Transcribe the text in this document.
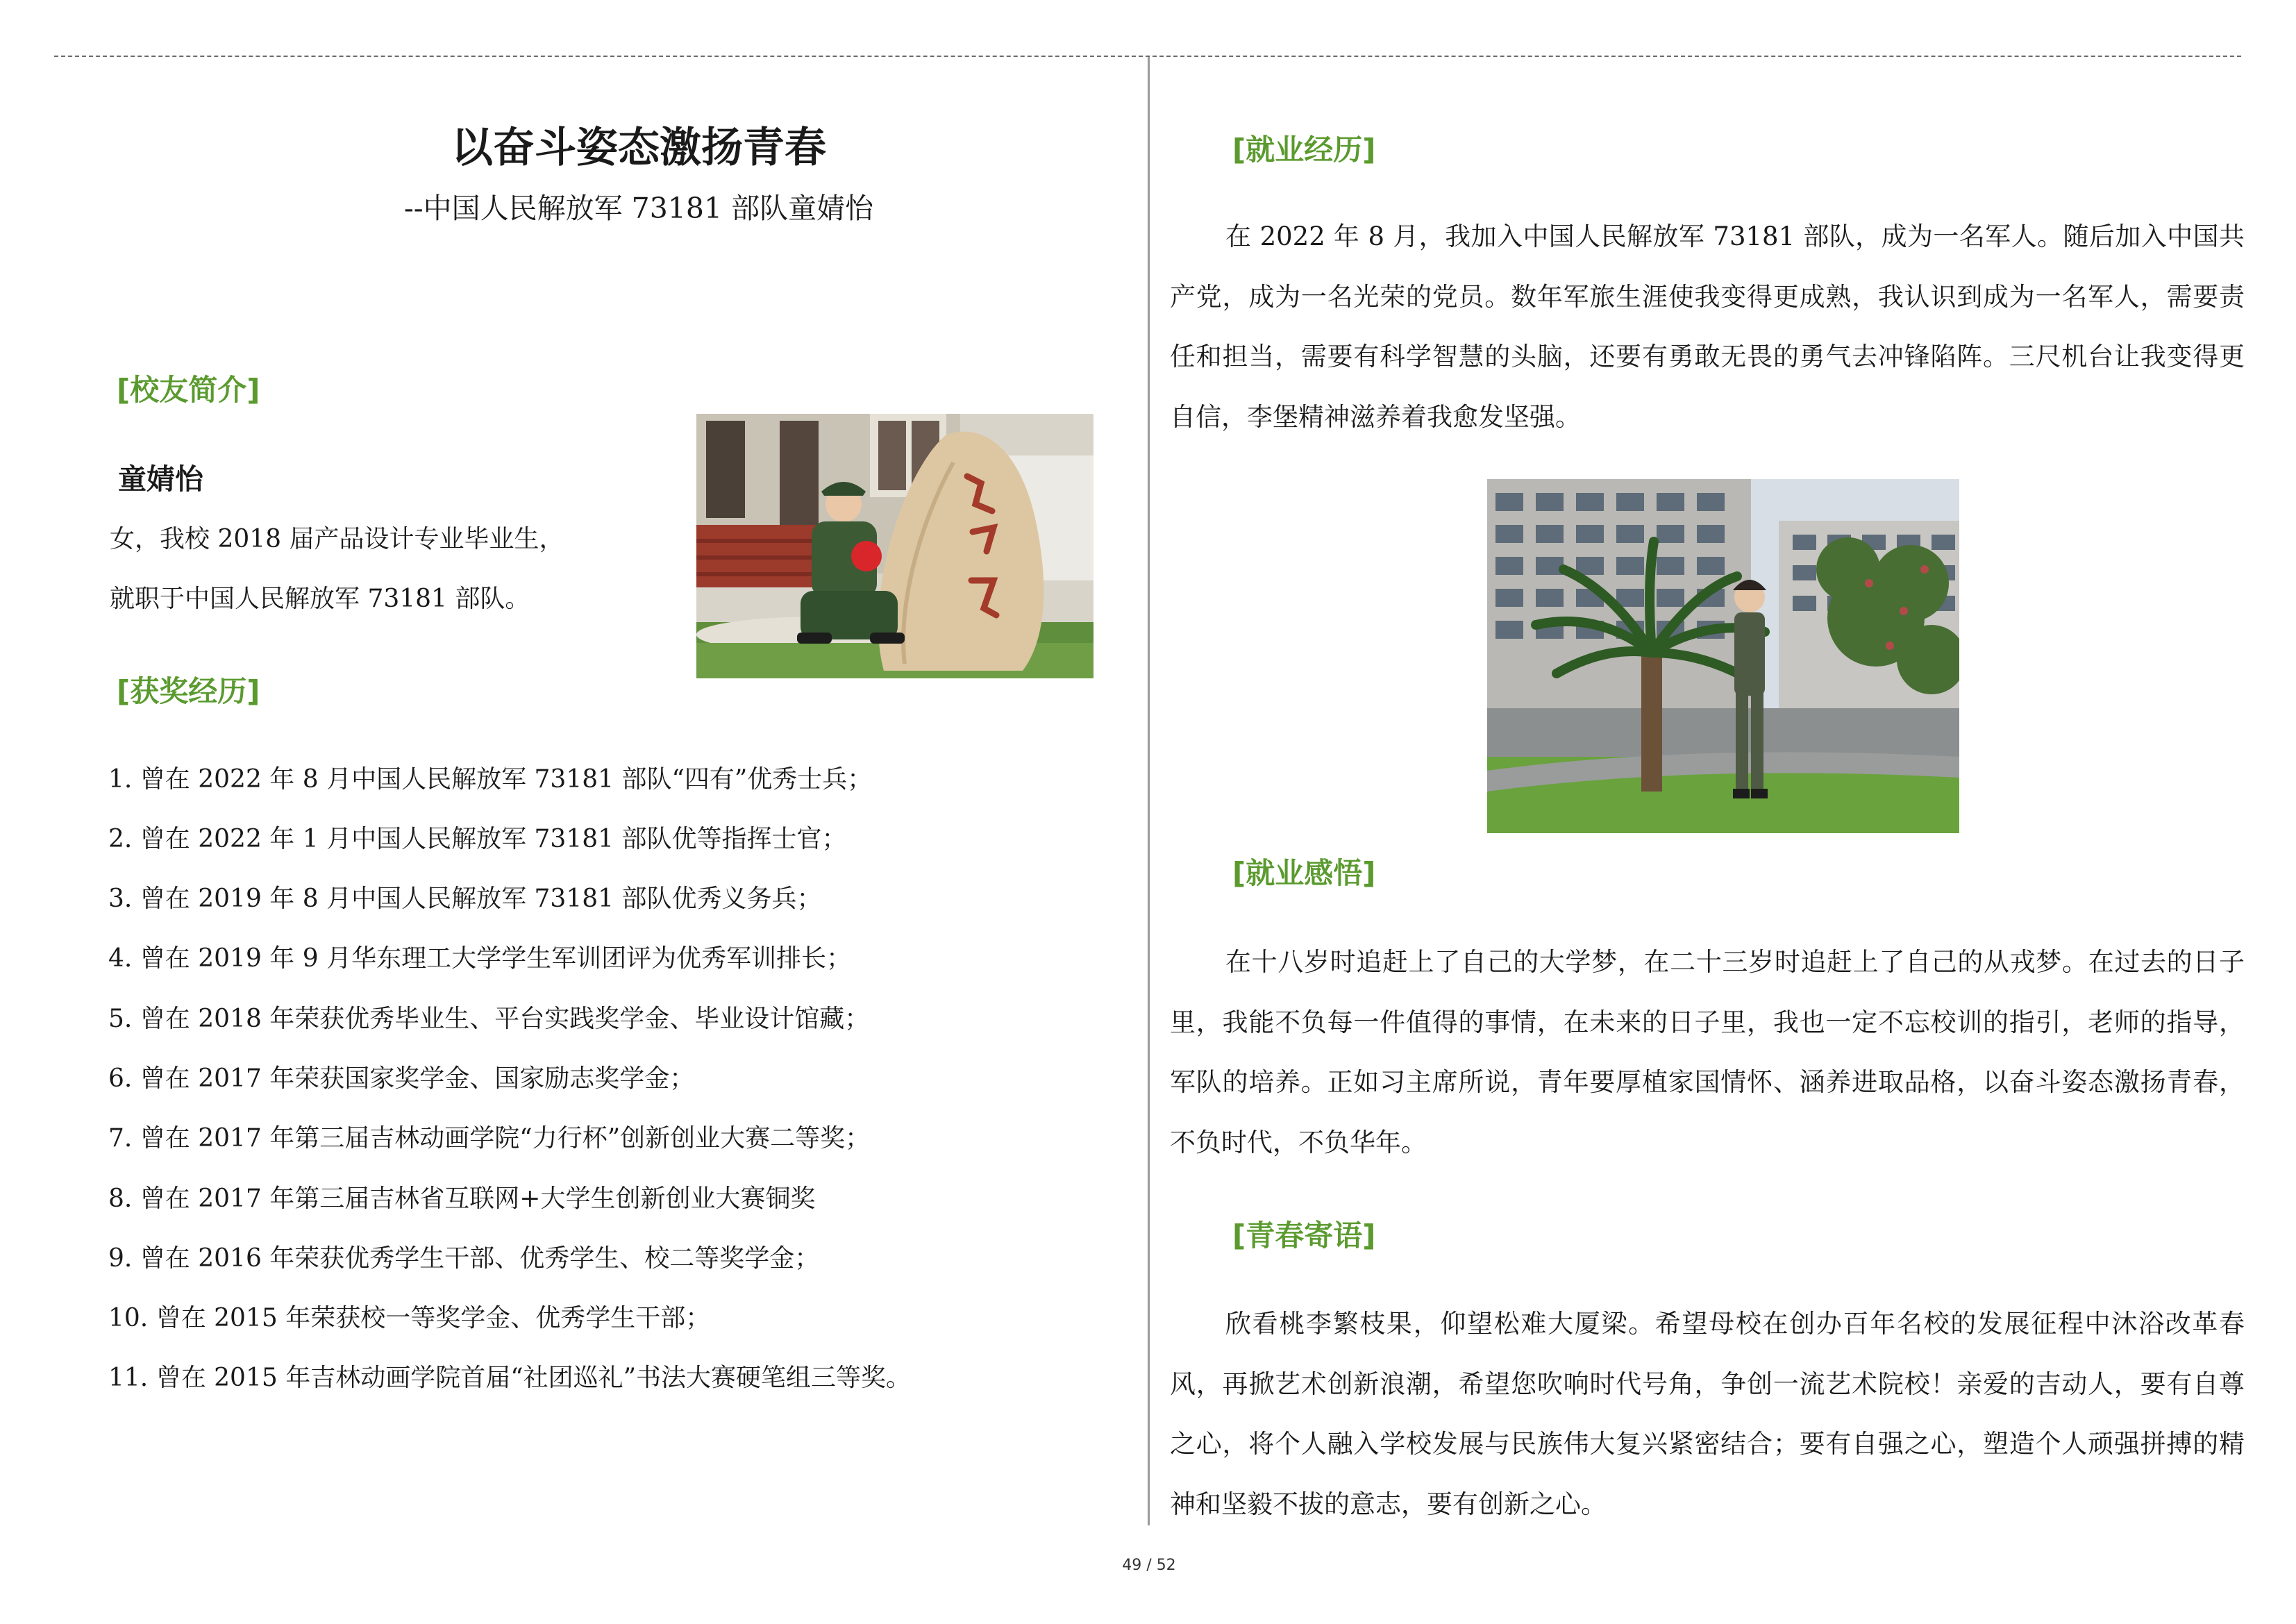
以奋斗姿态激扬青春
--中国人民解放军 73181 部队童婧怡
[校友简介]
童婧怡
女，我校 2018 届产品设计专业毕业生，
就职于中国人民解放军 73181 部队。
[获奖经历]
1. 曾在 2022 年 8 月中国人民解放军 73181 部队“四有”优秀士兵；
2. 曾在 2022 年 1 月中国人民解放军 73181 部队优等指挥士官；
3. 曾在 2019 年 8 月中国人民解放军 73181 部队优秀义务兵；
4. 曾在 2019 年 9 月华东理工大学学生军训团评为优秀军训排长；
5. 曾在 2018 年荣获优秀毕业生、平台实践奖学金、毕业设计馆藏；
6. 曾在 2017 年荣获国家奖学金、国家励志奖学金；
7. 曾在 2017 年第三届吉林动画学院“力行杯”创新创业大赛二等奖；
8. 曾在 2017 年第三届吉林省互联网+大学生创新创业大赛铜奖
9. 曾在 2016 年荣获优秀学生干部、优秀学生、校二等奖学金；
10. 曾在 2015 年荣获校一等奖学金、优秀学生干部；
11. 曾在 2015 年吉林动画学院首届“社团巡礼”书法大赛硬笔组三等奖。
[就业经历]

在 2022 年 8 月，我加入中国人民解放军 73181 部队，成为一名军人。随后加入中国共产党，成为一名光荣的党员。数年军旅生涯使我变得更成熟，我认识到成为一名军人，需要责任和担当，需要有科学智慧的头脑，还要有勇敢无畏的勇气去冲锋陷阵。三尺机台让我变得更自信，李堡精神滋养着我愈发坚强。

[就业感悟]

在十八岁时追赶上了自己的大学梦，在二十三岁时追赶上了自己的从戎梦。在过去的日子里，我能不负每一件值得的事情，在未来的日子里，我也一定不忘校训的指引，老师的指导，军队的培养。正如习主席所说，青年要厚植家国情怀、涵养进取品格，以奋斗姿态激扬青春，不负时代，不负华年。

[青春寄语]

欣看桃李繁枝果，仰望松难大厦梁。希望母校在创办百年名校的发展征程中沐浴改革春风，再掀艺术创新浪潮，希望您吹响时代号角，争创一流艺术院校！亲爱的吉动人，要有自尊之心，将个人融入学校发展与民族伟大复兴紧密结合；要有自强之心，塑造个人顽强拼搏的精神和坚毅不拔的意志，要有创新之心。

49 / 52
